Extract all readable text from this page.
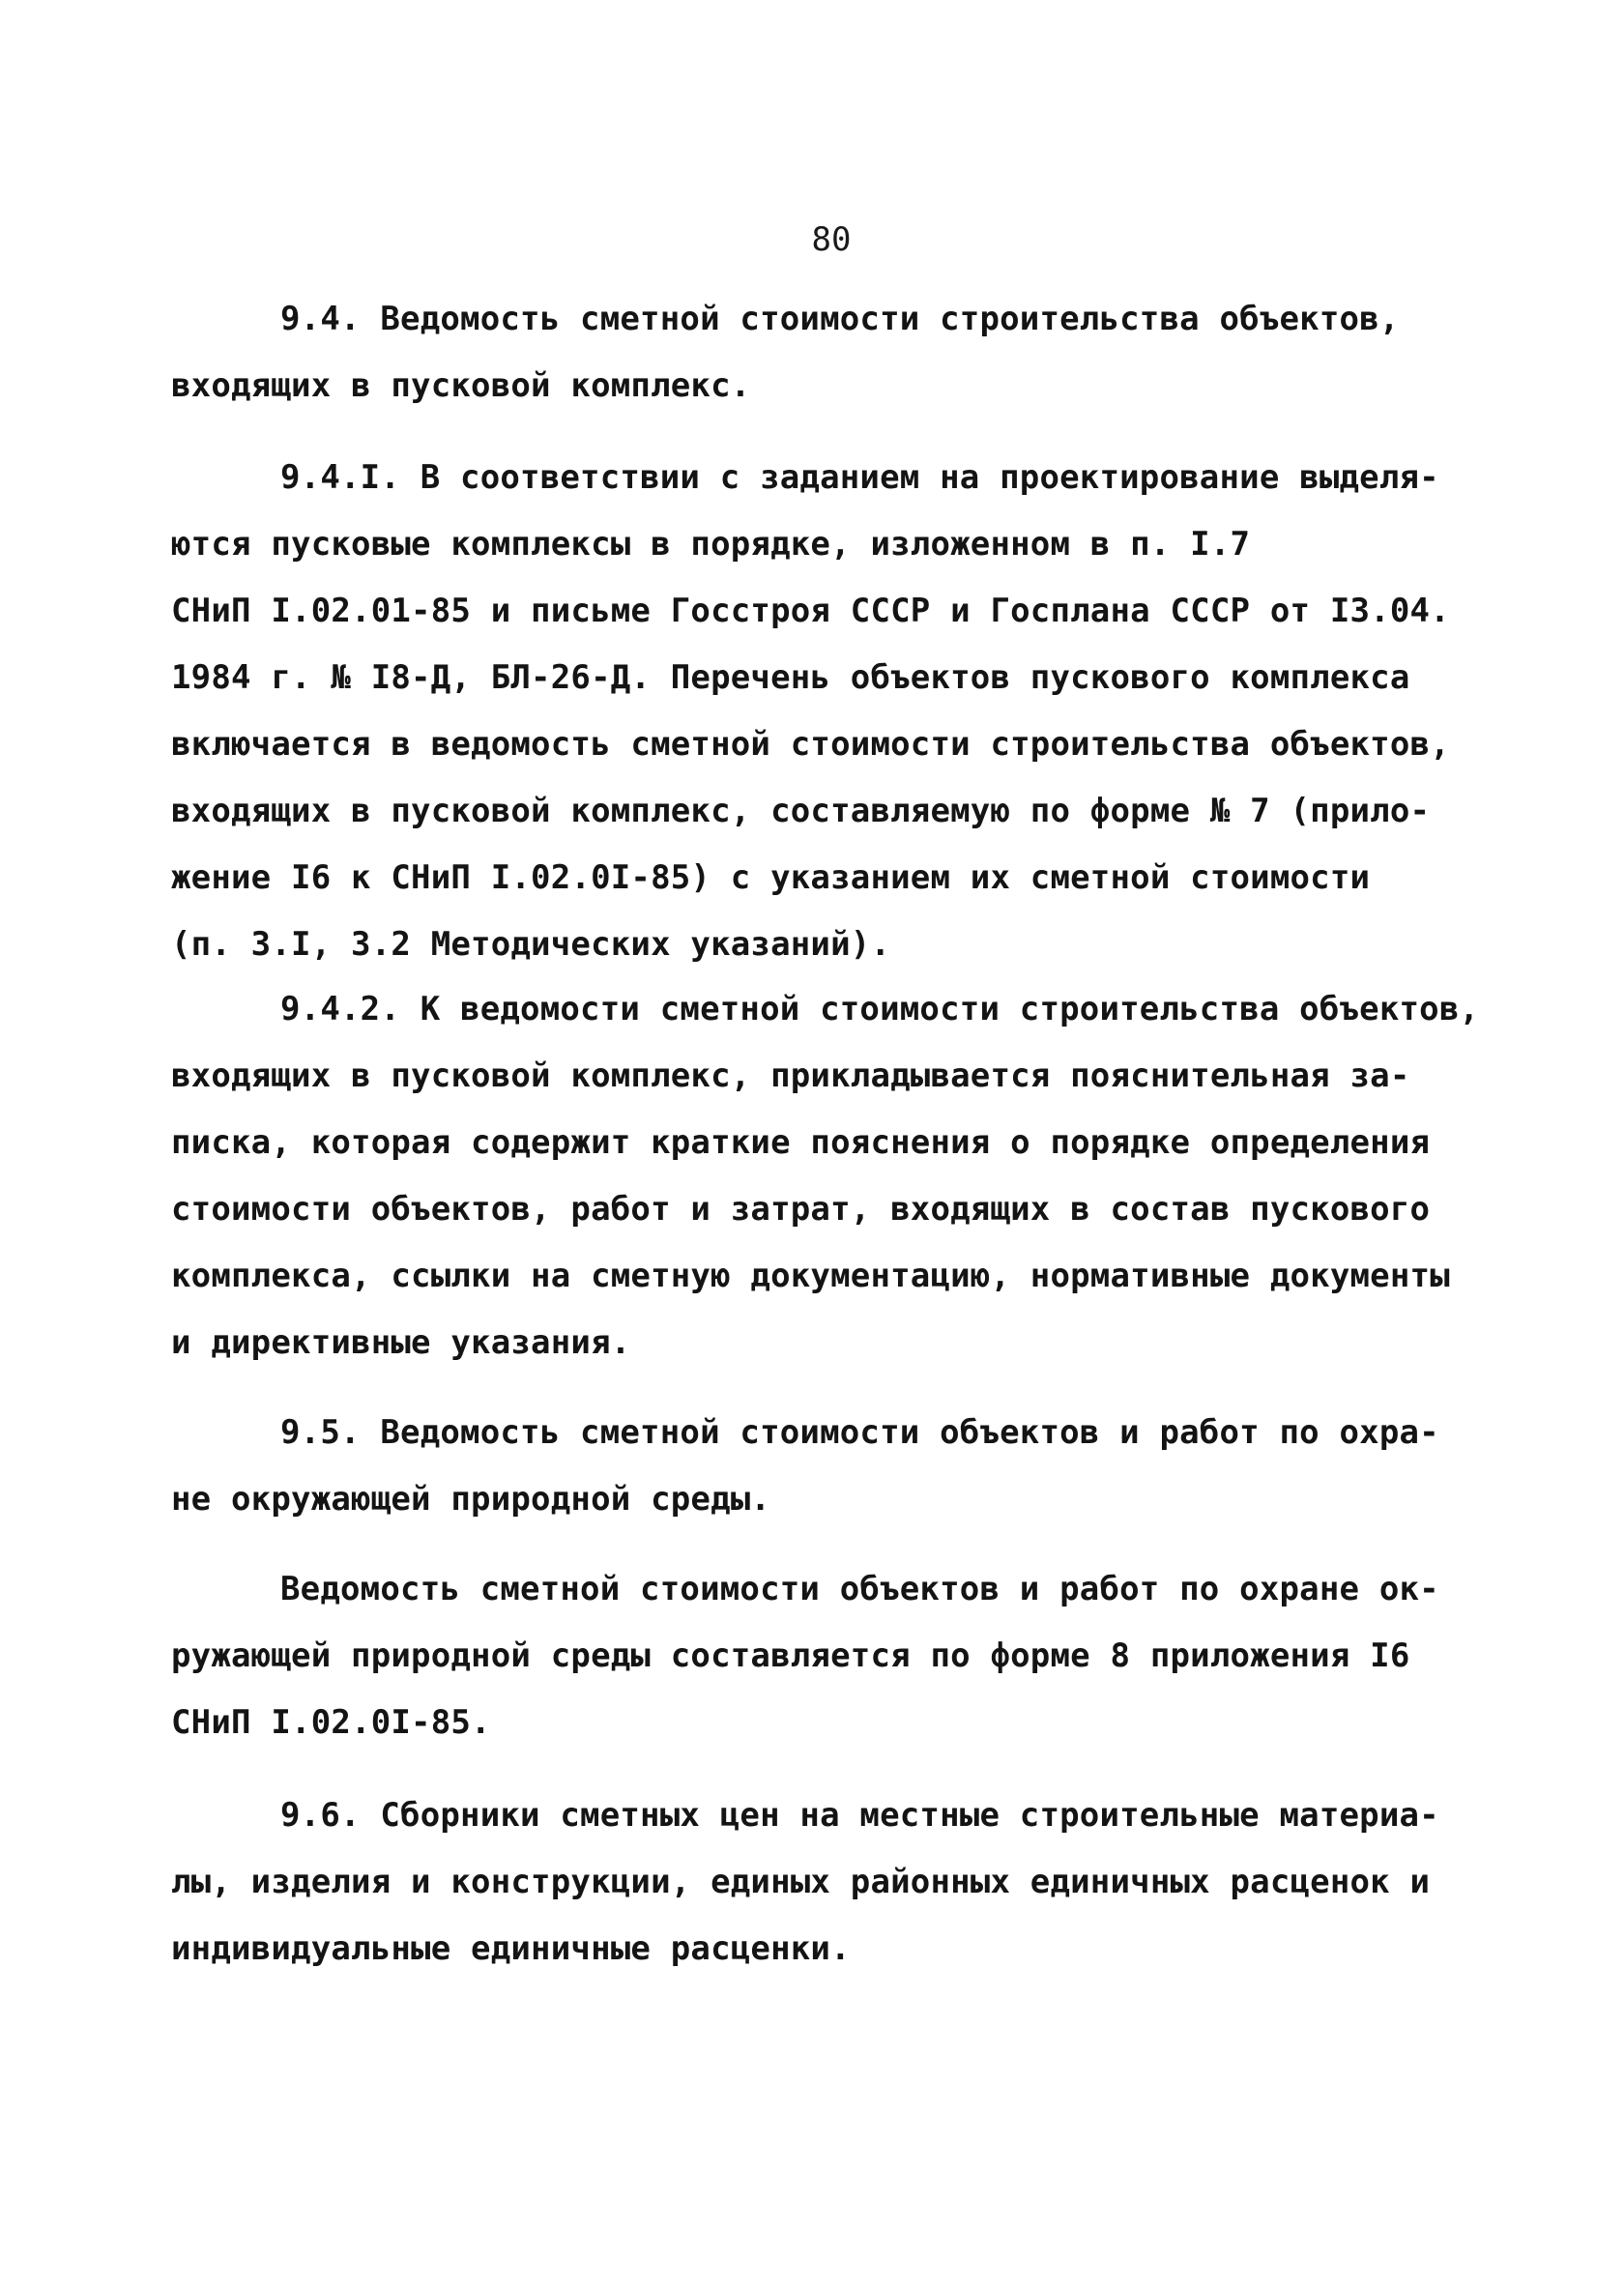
80
9.4. Ведомость сметной стоимости строительства объектов,
входящих в пусковой комплекс.
9.4.I. В соответствии с заданием на проектирование выделя-
ются пусковые комплексы в порядке, изложенном в п. I.7
СНиП I.02.01-85 и письме Госстроя СССР и Госплана СССР от I3.04.
1984 г. № I8-Д, БЛ-26-Д. Перечень объектов пускового комплекса
включается в ведомость сметной стоимости строительства объектов,
входящих в пусковой комплекс, составляемую по форме № 7 (прило-
жение I6 к СНиП I.02.0I-85) с указанием их сметной стоимости
(п. 3.I, 3.2 Методических указаний).
9.4.2. К ведомости сметной стоимости строительства объектов,
входящих в пусковой комплекс, прикладывается пояснительная за-
писка, которая содержит краткие пояснения о порядке определения
стоимости объектов, работ и затрат, входящих в состав пускового
комплекса, ссылки на сметную документацию, нормативные документы
и директивные указания.
9.5. Ведомость сметной стоимости объектов и работ по охра-
не окружающей природной среды.
Ведомость сметной стоимости объектов и работ по охране ок-
ружающей природной среды составляется по форме 8 приложения I6
СНиП I.02.0I-85.
9.6. Сборники сметных цен на местные строительные материа-
лы, изделия и конструкции, единых районных единичных расценок и
индивидуальные единичные расценки.
